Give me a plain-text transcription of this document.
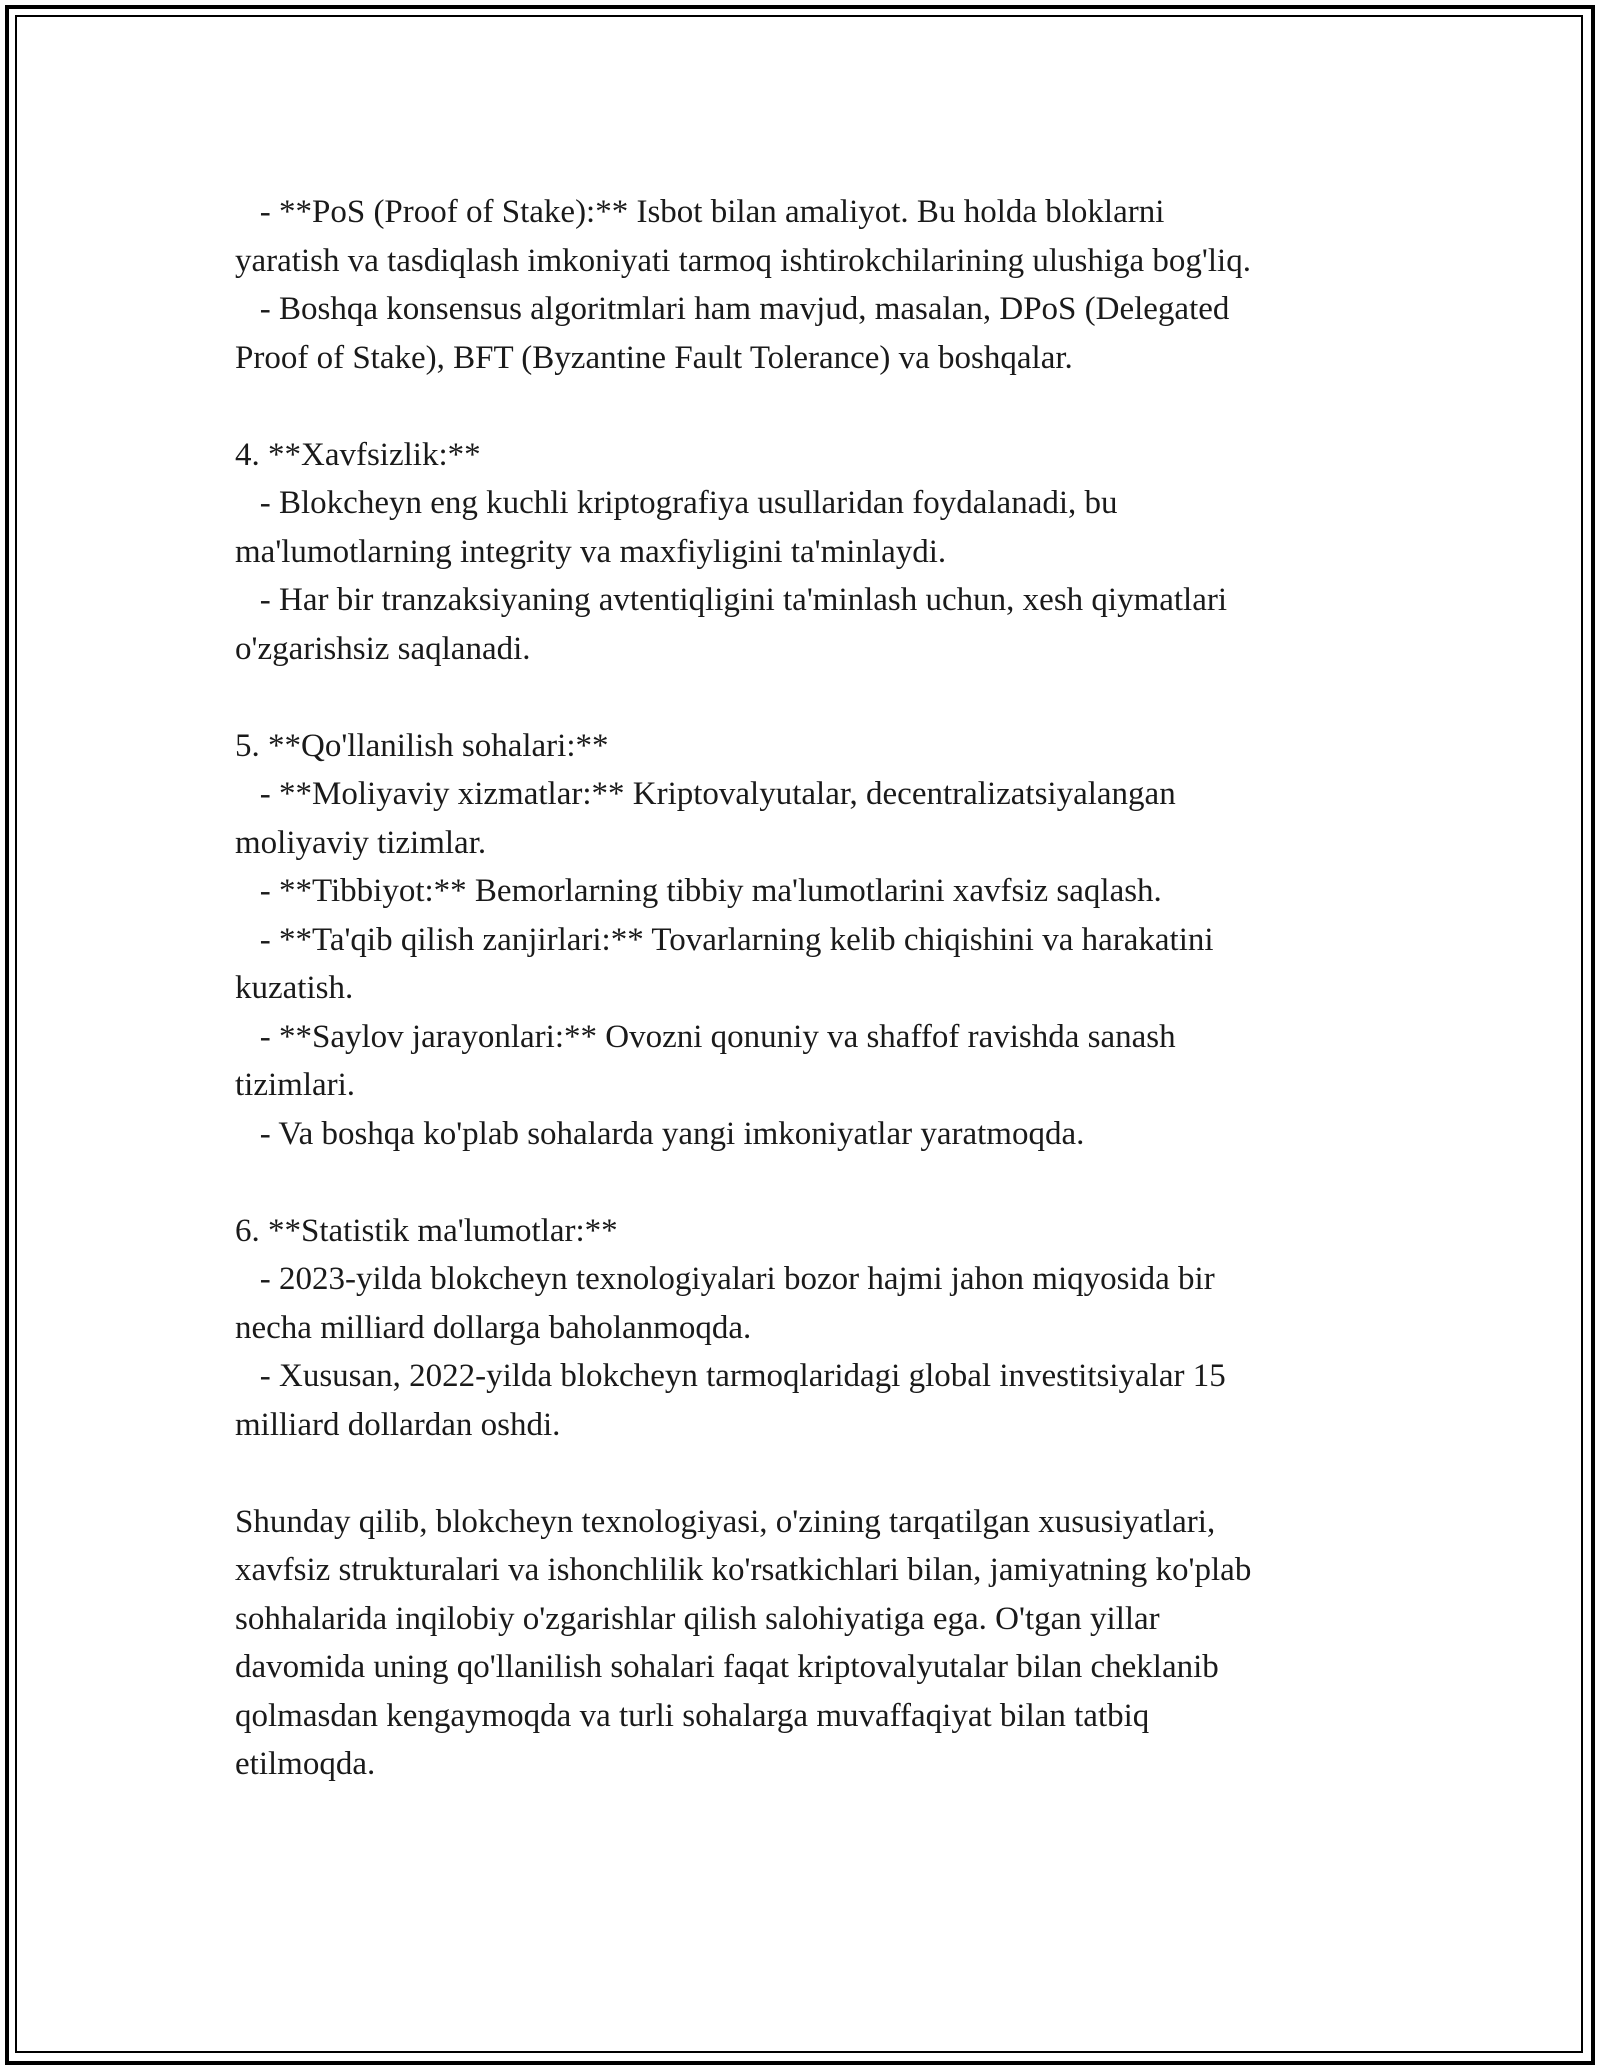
- **PoS (Proof of Stake):** Isbot bilan amaliyot. Bu holda bloklarni
yaratish va tasdiqlash imkoniyati tarmoq ishtirokchilarining ulushiga bog'liq.
- Boshqa konsensus algoritmlari ham mavjud, masalan, DPoS (Delegated
Proof of Stake), BFT (Byzantine Fault Tolerance) va boshqalar.
4. **Xavfsizlik:**
- Blokcheyn eng kuchli kriptografiya usullaridan foydalanadi, bu
ma'lumotlarning integrity va maxfiyligini ta'minlaydi.
- Har bir tranzaksiyaning avtentiqligini ta'minlash uchun, xesh qiymatlari
o'zgarishsiz saqlanadi.
5. **Qo'llanilish sohalari:**
- **Moliyaviy xizmatlar:** Kriptovalyutalar, decentralizatsiyalangan
moliyaviy tizimlar.
- **Tibbiyot:** Bemorlarning tibbiy ma'lumotlarini xavfsiz saqlash.
- **Ta'qib qilish zanjirlari:** Tovarlarning kelib chiqishini va harakatini
kuzatish.
- **Saylov jarayonlari:** Ovozni qonuniy va shaffof ravishda sanash
tizimlari.
- Va boshqa ko'plab sohalarda yangi imkoniyatlar yaratmoqda.
6. **Statistik ma'lumotlar:**
- 2023-yilda blokcheyn texnologiyalari bozor hajmi jahon miqyosida bir
necha milliard dollarga baholanmoqda.
- Xususan, 2022-yilda blokcheyn tarmoqlaridagi global investitsiyalar 15
milliard dollardan oshdi.
Shunday qilib, blokcheyn texnologiyasi, o'zining tarqatilgan xususiyatlari,
xavfsiz strukturalari va ishonchlilik ko'rsatkichlari bilan, jamiyatning ko'plab
sohhalarida inqilobiy o'zgarishlar qilish salohiyatiga ega. O'tgan yillar
davomida uning qo'llanilish sohalari faqat kriptovalyutalar bilan cheklanib
qolmasdan kengaymoqda va turli sohalarga muvaffaqiyat bilan tatbiq
etilmoqda.
